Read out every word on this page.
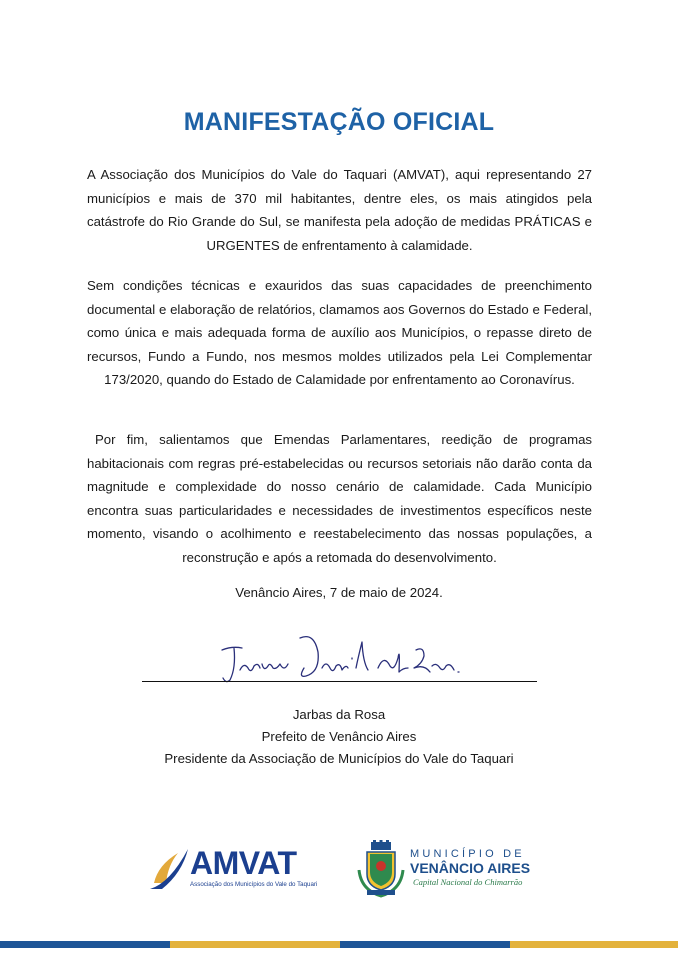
MANIFESTAÇÃO OFICIAL

A Associação dos Municípios do Vale do Taquari (AMVAT), aqui representando 27 municípios e mais de 370 mil habitantes, dentre eles, os mais atingidos pela catástrofe do Rio Grande do Sul, se manifesta pela adoção de medidas PRÁTICAS e URGENTES de enfrentamento à calamidade.

Sem condições técnicas e exauridos das suas capacidades de preenchimento documental e elaboração de relatórios, clamamos aos Governos do Estado e Federal, como única e mais adequada forma de auxílio aos Municípios, o repasse direto de recursos, Fundo a Fundo, nos mesmos moldes utilizados pela Lei Complementar 173/2020, quando do Estado de Calamidade por enfrentamento ao Coronavírus.

Por fim, salientamos que Emendas Parlamentares, reedição de programas habitacionais com regras pré-estabelecidas ou recursos setoriais não darão conta da magnitude e complexidade do nosso cenário de calamidade. Cada Município encontra suas particularidades e necessidades de investimentos específicos neste momento, visando o acolhimento e reestabelecimento das nossas populações, a reconstrução e após a retomada do desenvolvimento.

Venâncio Aires, 7 de maio de 2024.
Jarbas da Rosa
Prefeito de Venâncio Aires
Presidente da Associação de Municípios do Vale do Taquari
AMVAT
Associação dos Municípios do Vale do Taquari
MUNICÍPIO DE
VENÂNCIO AIRES
Capital Nacional do Chimarrão
